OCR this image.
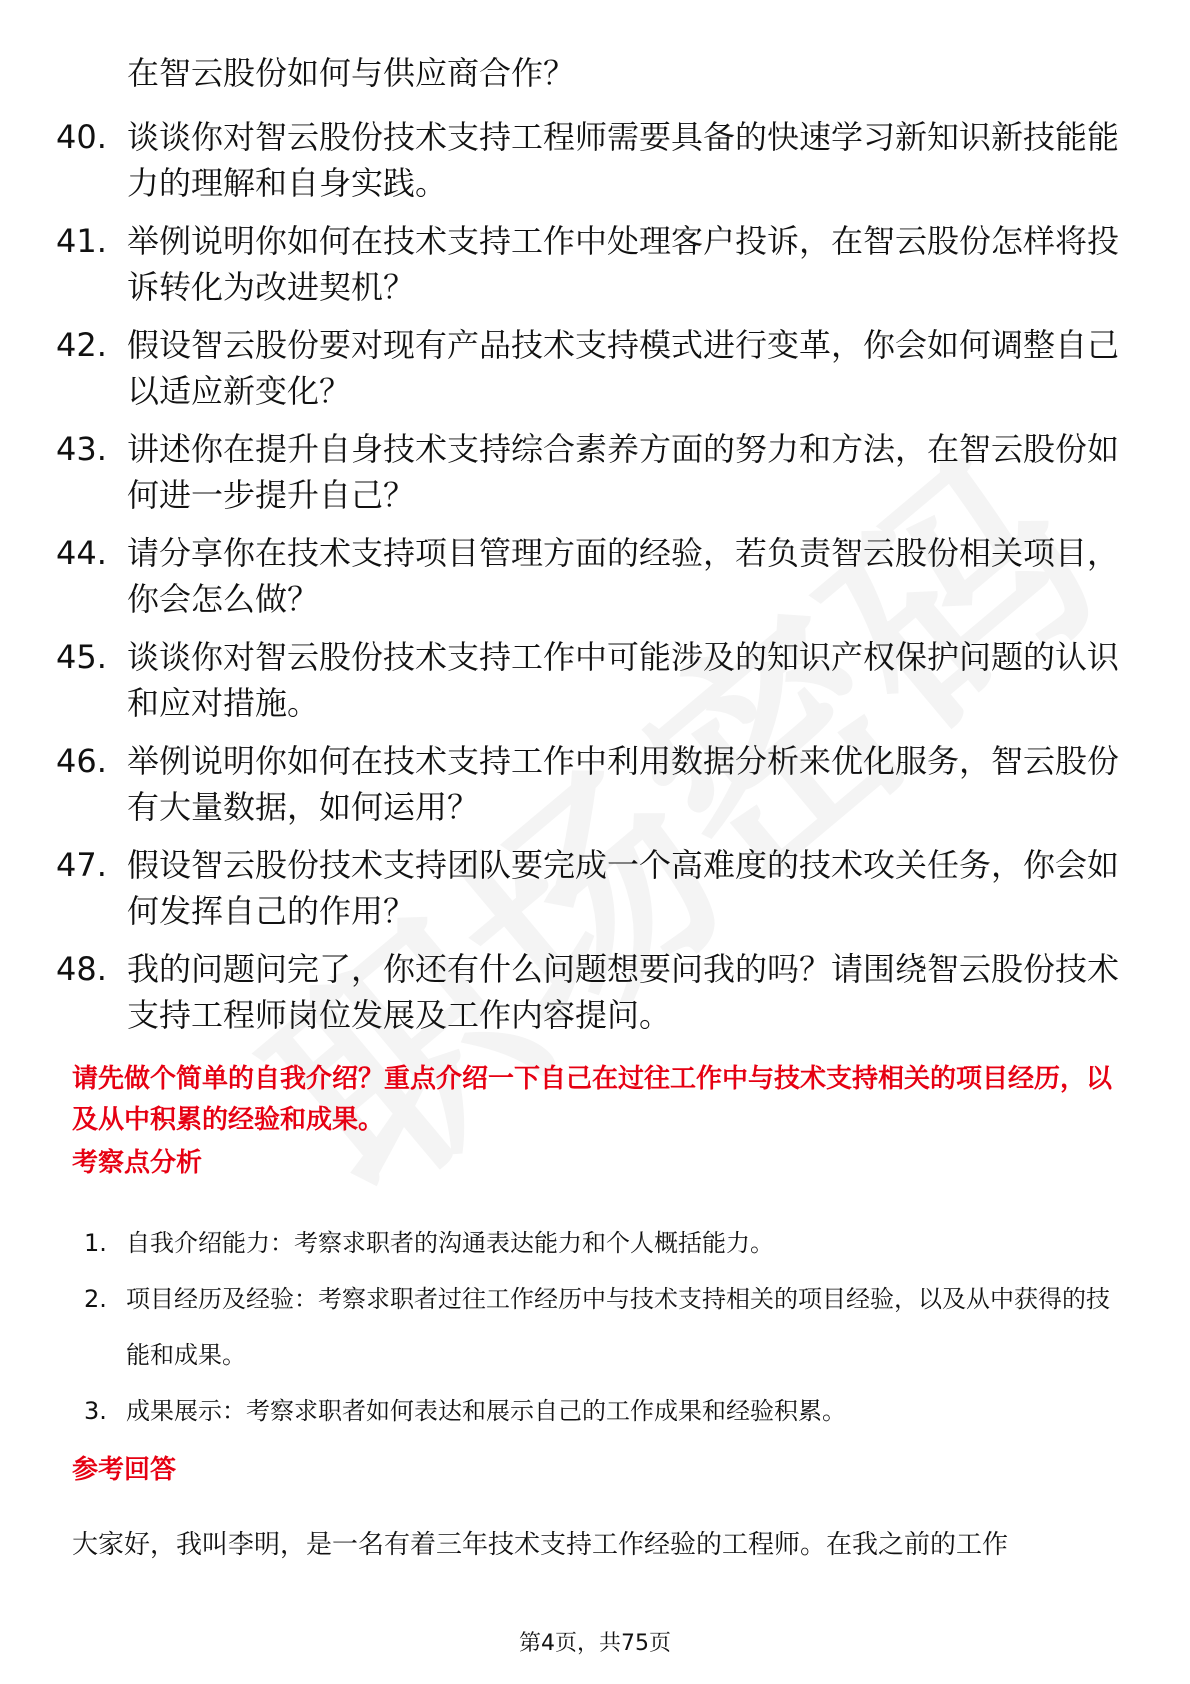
在智云股份如何与供应商合作？
40. 谈谈你对智云股份技术支持工程师需要具备的快速学习新知识新技能能力的理解和自身实践。
41. 举例说明你如何在技术支持工作中处理客户投诉，在智云股份怎样将投诉转化为改进契机？
42. 假设智云股份要对现有产品技术支持模式进行变革，你会如何调整自己以适应新变化？
43. 讲述你在提升自身技术支持综合素养方面的努力和方法，在智云股份如何进一步提升自己？
44. 请分享你在技术支持项目管理方面的经验，若负责智云股份相关项目，你会怎么做？
45. 谈谈你对智云股份技术支持工作中可能涉及的知识产权保护问题的认识和应对措施。
46. 举例说明你如何在技术支持工作中利用数据分析来优化服务，智云股份有大量数据，如何运用？
47. 假设智云股份技术支持团队要完成一个高难度的技术攻关任务，你会如何发挥自己的作用？
48. 我的问题问完了，你还有什么问题想要问我的吗？请围绕智云股份技术支持工程师岗位发展及工作内容提问。
请先做个简单的自我介绍？重点介绍一下自己在过往工作中与技术支持相关的项目经历，以及从中积累的经验和成果。
考察点分析
1. 自我介绍能力：考察求职者的沟通表达能力和个人概括能力。
2. 项目经历及经验：考察求职者过往工作经历中与技术支持相关的项目经验，以及从中获得的技能和成果。
3. 成果展示：考察求职者如何表达和展示自己的工作成果和经验积累。
参考回答
大家好，我叫李明，是一名有着三年技术支持工作经验的工程师。在我之前的工作
第4页，共75页
